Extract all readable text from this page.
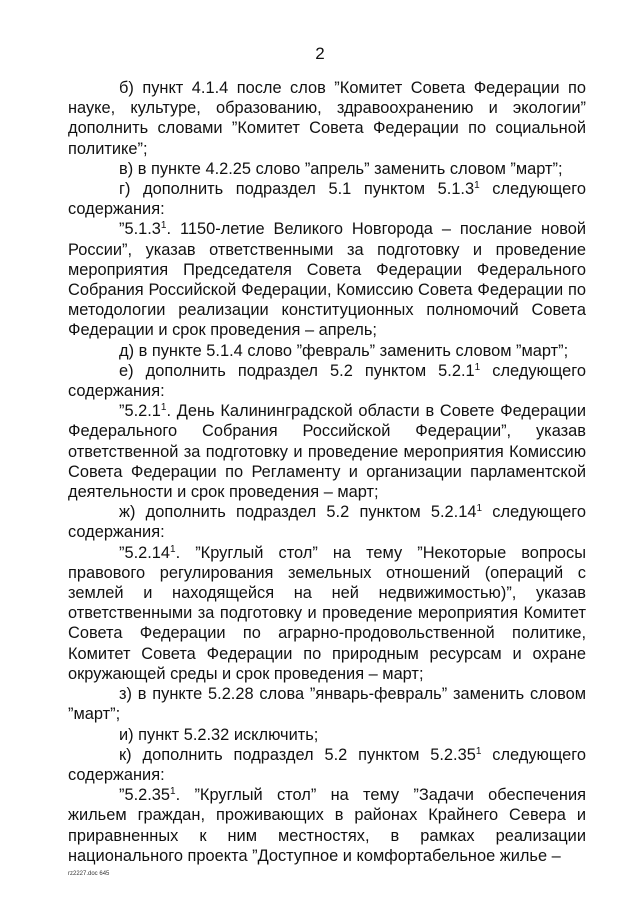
2

б) пункт 4.1.4 после слов ”Комитет Совета Федерации по науке, культуре, образованию, здравоохранению и экологии” дополнить словами ”Комитет Совета Федерации по социальной политике”;

в) в пункте 4.2.25 слово ”апрель” заменить словом ”март”;

г) дополнить подраздел 5.1 пунктом 5.1.3$^1$ следующего содержания:

”5.1.3$^1$. 1150-летие Великого Новгорода – послание новой России”, указав ответственными за подготовку и проведение мероприятия Председателя Совета Федерации Федерального Собрания Российской Федерации, Комиссию Совета Федерации по методологии реализации конституционных полномочий Совета Федерации и срок проведения – апрель;

д) в пункте 5.1.4 слово ”февраль” заменить словом ”март”;

е) дополнить подраздел 5.2 пунктом 5.2.1$^1$ следующего содержания:

”5.2.1$^1$. День Калининградской области в Совете Федерации Федерального Собрания Российской Федерации”, указав ответственной за подготовку и проведение мероприятия Комиссию Совета Федерации по Регламенту и организации парламентской деятельности и срок проведения – март;

ж) дополнить подраздел 5.2 пунктом 5.2.14$^1$ следующего содержания:

”5.2.14$^1$. ”Круглый стол” на тему ”Некоторые вопросы правового регулирования земельных отношений (операций с землей и находящейся на ней недвижимостью)”, указав ответственными за подготовку и проведение мероприятия Комитет Совета Федерации по аграрно-продовольственной политике, Комитет Совета Федерации по природным ресурсам и охране окружающей среды и срок проведения – март;

з) в пункте 5.2.28 слова ”январь-февраль” заменить словом ”март”;

и) пункт 5.2.32 исключить;

к) дополнить подраздел 5.2 пунктом 5.2.35$^1$ следующего содержания:

”5.2.35$^1$. ”Круглый стол” на тему ”Задачи обеспечения жильем граждан, проживающих в районах Крайнего Севера и приравненных к ним местностях, в рамках реализации национального проекта ”Доступное и комфортабельное жилье –

rz2227.doc 645
